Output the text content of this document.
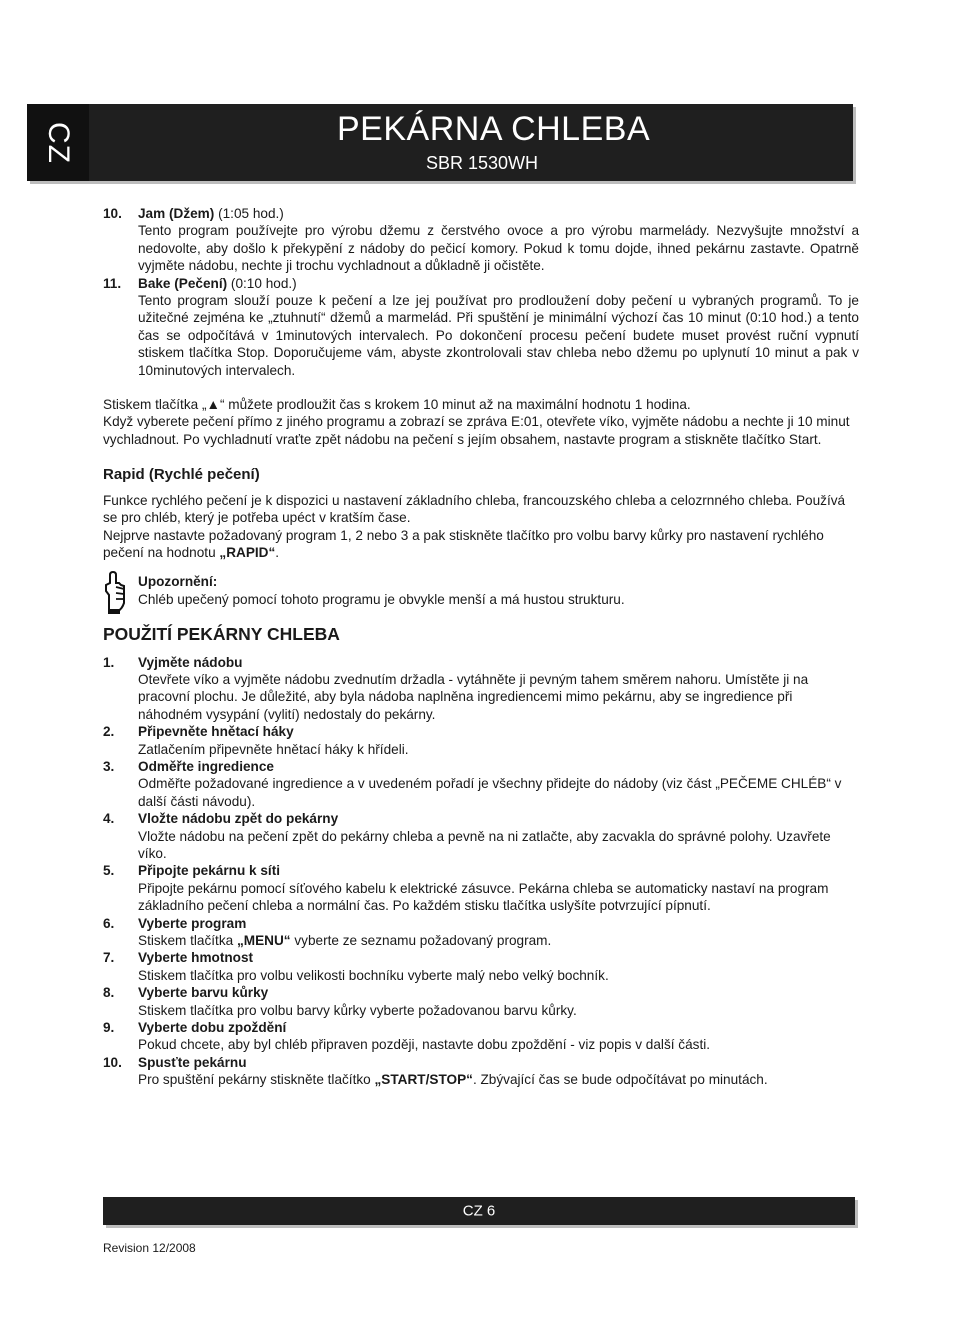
CZ	PEKÁRNA CHLEBA
SBR 1530WH
10.	Jam (Džem) (1:05 hod.)

Tento program používejte pro výrobu džemu z čerstvého ovoce a pro výrobu marmelády. Nezvyšujte množství a nedovolte, aby došlo k překypění z nádoby do pečicí komory. Pokud k tomu dojde, ihned pekárnu zastavte. Opatrně vyjměte nádobu, nechte ji trochu vychladnout a důkladně ji očistěte.

11.	Bake (Pečení) (0:10 hod.)

Tento program slouží pouze k pečení a lze jej používat pro prodloužení doby pečení u vybraných programů. To je užitečné zejména ke „ztuhnutí“ džemů a marmelád. Při spuštění je minimální výchozí čas 10 minut (0:10 hod.) a tento čas se odpočítává v 1minutových intervalech. Po dokončení procesu pečení budete muset provést ruční vypnutí stiskem tlačítka Stop. Doporučujeme vám, abyste zkontrolovali stav chleba nebo džemu po uplynutí 10 minut a pak v 10minutových intervalech.

Stiskem tlačítka „▲“ můžete prodloužit čas s krokem 10 minut až na maximální hodnotu 1 hodina.

Když vyberete pečení přímo z jiného programu a zobrazí se zpráva E:01, otevřete víko, vyjměte nádobu a nechte ji 10 minut vychladnout. Po vychladnutí vraťte zpět nádobu na pečení s jejím obsahem, nastavte program a stiskněte tlačítko Start.

Rapid (Rychlé pečení)

Funkce rychlého pečení je k dispozici u nastavení základního chleba, francouzského chleba a celozrnného chleba. Používá se pro chléb, který je potřeba upéct v kratším čase.

Nejprve nastavte požadovaný program 1, 2 nebo 3 a pak stiskněte tlačítko pro volbu barvy kůrky pro nastavení rychlého pečení na hodnotu „RAPID“.

Upozornění:

Chléb upečený pomocí tohoto programu je obvykle menší a má hustou strukturu.

POUŽITÍ PEKÁRNY CHLEBA
1.	Vyjměte nádobu

Otevřete víko a vyjměte nádobu zvednutím držadla - vytáhněte ji pevným tahem směrem nahoru. Umístěte ji na pracovní plochu. Je důležité, aby byla nádoba naplněna ingrediencemi mimo pekárnu, aby se ingredience při náhodném vysypání (vylití) nedostaly do pekárny.

2.	Připevněte hnětací háky

Zatlačením připevněte hnětací háky k hřídeli.

3.	Odměřte ingredience

Odměřte požadované ingredience a v uvedeném pořadí je všechny přidejte do nádoby (viz část „PEČEME CHLÉB“ v další části návodu).

4.	Vložte nádobu zpět do pekárny

Vložte nádobu na pečení zpět do pekárny chleba a pevně na ni zatlačte, aby zacvakla do správné polohy. Uzavřete víko.

5.	Připojte pekárnu k síti

Připojte pekárnu pomocí síťového kabelu k elektrické zásuvce. Pekárna chleba se automaticky nastaví na program základního pečení chleba a normální čas. Po každém stisku tlačítka uslyšíte potvrzující pípnutí.

6.	Vyberte program

Stiskem tlačítka „MENU“ vyberte ze seznamu požadovaný program.

7.	Vyberte hmotnost

Stiskem tlačítka pro volbu velikosti bochníku vyberte malý nebo velký bochník.

8.	Vyberte barvu kůrky

Stiskem tlačítka pro volbu barvy kůrky vyberte požadovanou barvu kůrky.

9.	Vyberte dobu zpoždění

Pokud chcete, aby byl chléb připraven později, nastavte dobu zpoždění - viz popis v další části.

10.	Spusťte pekárnu

Pro spuštění pekárny stiskněte tlačítko „START/STOP“. Zbývající čas se bude odpočítávat po minutách.

CZ 6
Revision 12/2008
